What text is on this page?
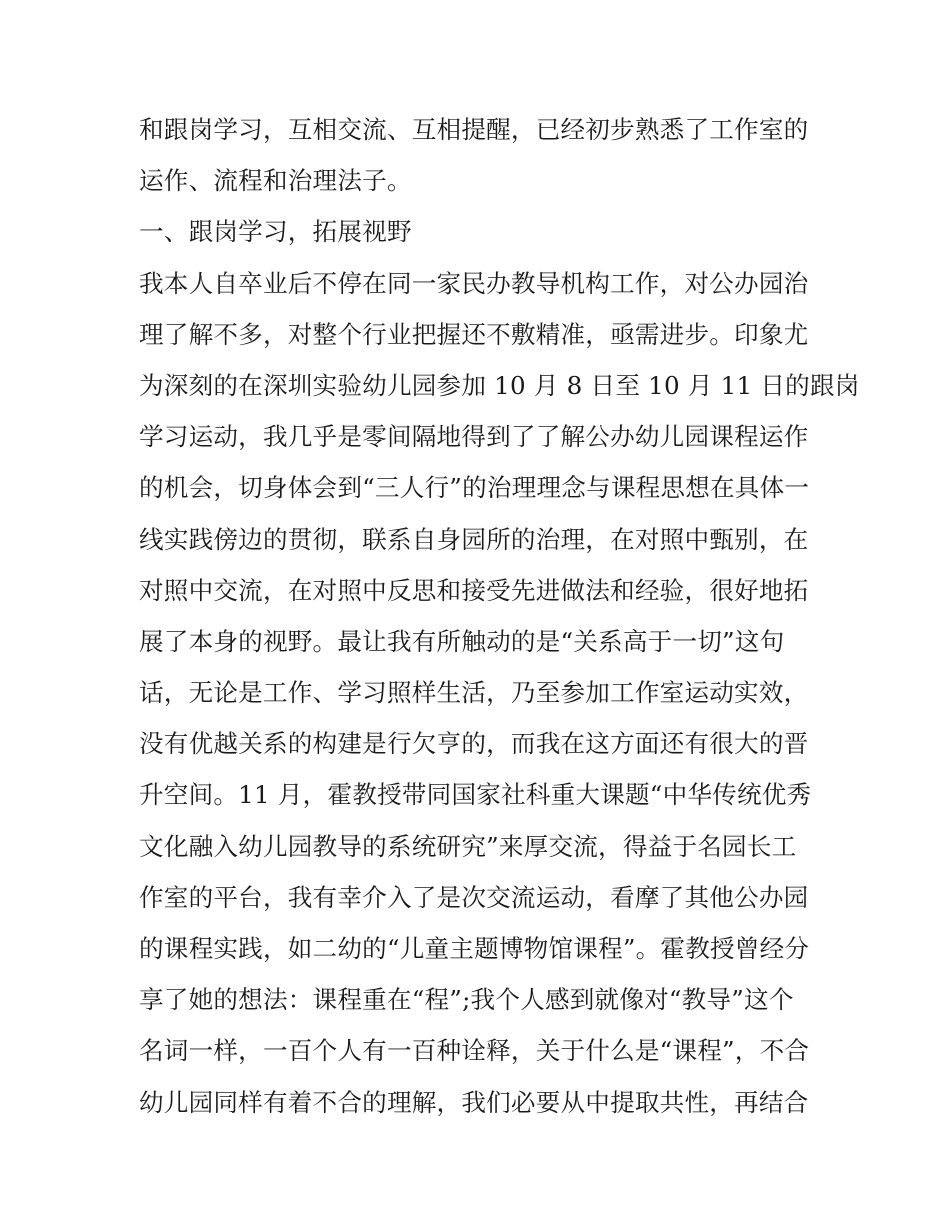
和跟岗学习，互相交流、互相提醒，已经初步熟悉了工作室的
运作、流程和治理法子。
一、跟岗学习，拓展视野
我本人自卒业后不停在同一家民办教导机构工作，对公办园治
理了解不多，对整个行业把握还不敷精准，亟需进步。印象尤
为深刻的在深圳实验幼儿园参加 10 月 8 日至 10 月 11 日的跟岗
学习运动，我几乎是零间隔地得到了了解公办幼儿园课程运作
的机会，切身体会到“三人行”的治理理念与课程思想在具体一
线实践傍边的贯彻，联系自身园所的治理，在对照中甄别，在
对照中交流，在对照中反思和接受先进做法和经验，很好地拓
展了本身的视野。最让我有所触动的是“关系高于一切”这句
话，无论是工作、学习照样生活，乃至参加工作室运动实效，
没有优越关系的构建是行欠亨的，而我在这方面还有很大的晋
升空间。11 月，霍教授带同国家社科重大课题“中华传统优秀
文化融入幼儿园教导的系统研究”来厚交流，得益于名园长工
作室的平台，我有幸介入了是次交流运动，看摩了其他公办园
的课程实践，如二幼的“儿童主题博物馆课程”。霍教授曾经分
享了她的想法：课程重在“程”;我个人感到就像对“教导”这个
名词一样，一百个人有一百种诠释，关于什么是“课程”，不合
幼儿园同样有着不合的理解，我们必要从中提取共性，再结合
